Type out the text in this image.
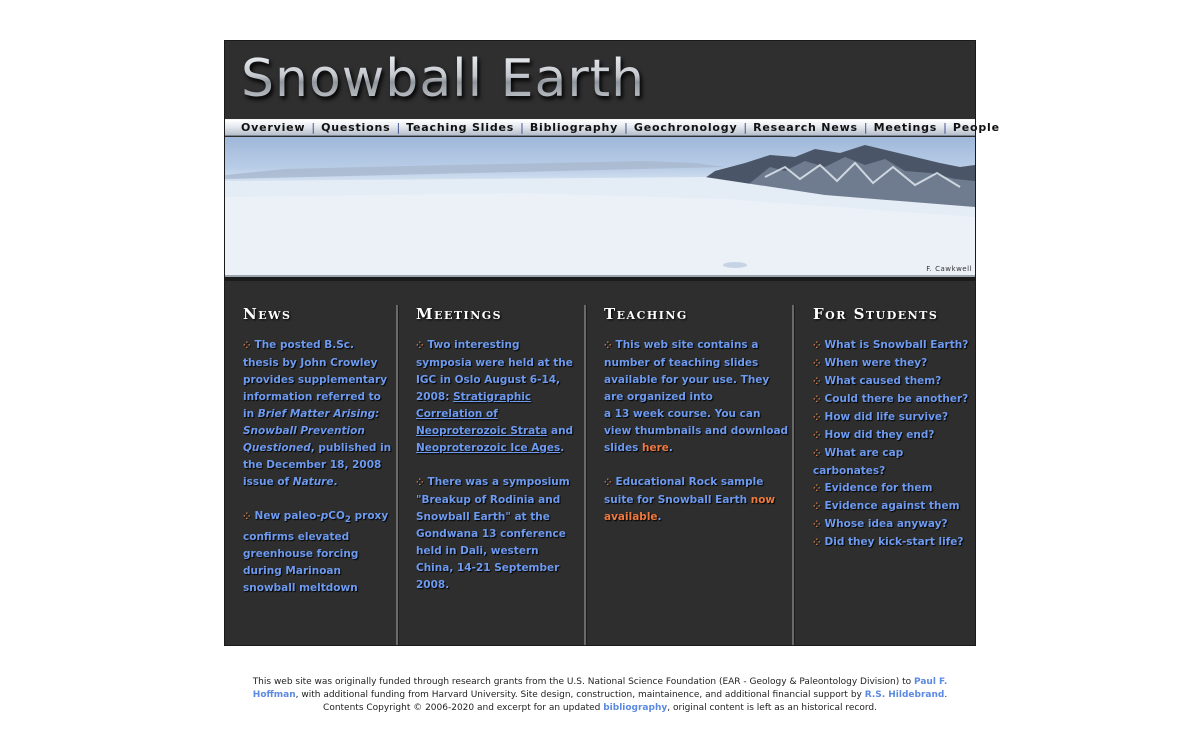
Snowball Earth
Overview | Questions | Teaching Slides | Bibliography | Geochronology | Research News | Meetings | People
F. Cawkwell
News

⁘ The posted B.Sc. thesis by John Crowley provides supplementary information referred to in Brief Matter Arising: Snowball Prevention Questioned, published in the December 18, 2008 issue of Nature.

⁘ New paleo-pCO$_2$ proxy confirms elevated greenhouse forcing during Marinoan snowball meltdown

Meetings

⁘ Two interesting symposia were held at the IGC in Oslo August 6-14, 2008: Stratigraphic Correlation of Neoproterozoic Strata and Neoproterozoic Ice Ages.

⁘ There was a symposium "Breakup of Rodinia and Snowball Earth" at the Gondwana 13 conference held in Dali, western China, 14-21 September 2008.

Teaching

⁘ This web site contains a number of teaching slides available for your use. They are organized into
a 13 week course. You can view thumbnails and download slides here.

⁘ Educational Rock sample suite for Snowball Earth now available.

For Students
⁘ What is Snowball Earth?
⁘ When were they?
⁘ What caused them?
⁘ Could there be another?
⁘ How did life survive?
⁘ How did they end?
⁘ What are cap carbonates?
⁘ Evidence for them
⁘ Evidence against them
⁘ Whose idea anyway?
⁘ Did they kick-start life?
This web site was originally funded through research grants from the U.S. National Science Foundation (EAR - Geology & Paleontology Division) to Paul F. Hoffman, with additional funding from Harvard University. Site design, construction, maintainence, and additional financial support by R.S. Hildebrand.
Contents Copyright © 2006-2020 and excerpt for an updated bibliography, original content is left as an historical record.
